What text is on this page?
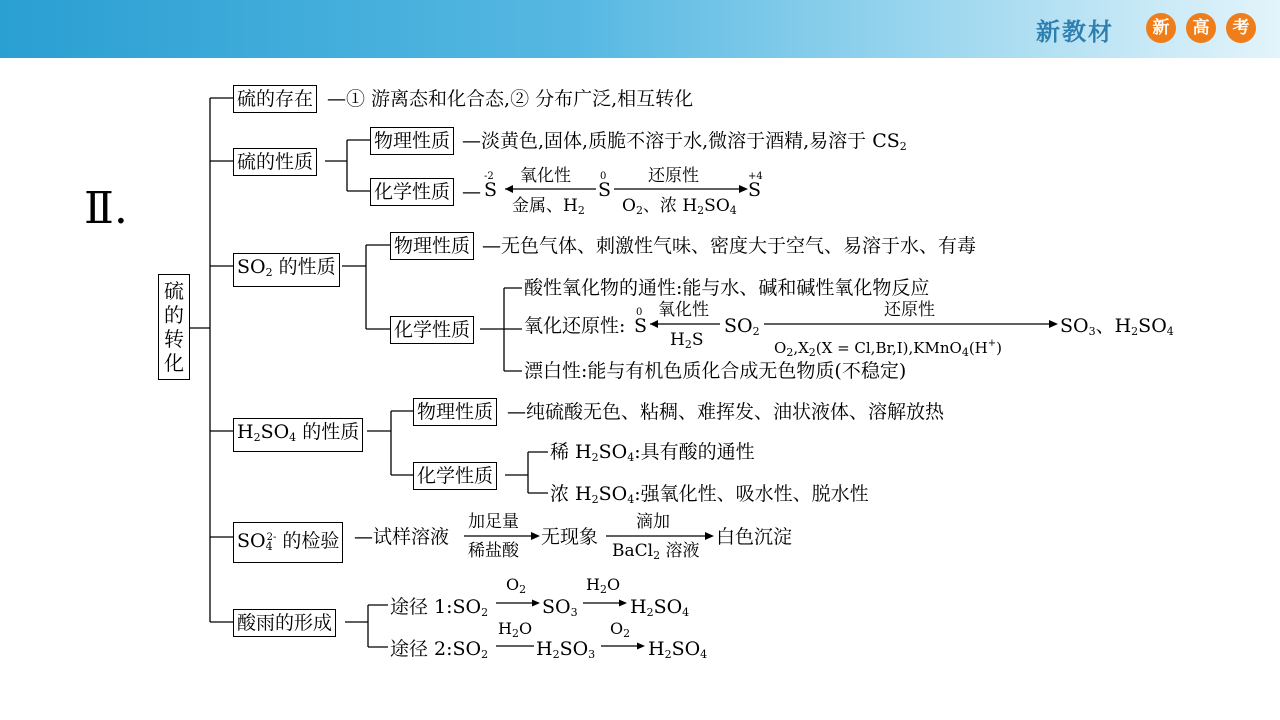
新教材	新	高	考
Ⅱ.
硫的转化
硫的存在 —① 游离态和化合态,② 分布广泛,相互转化
硫的性质
物理性质 —淡黄色,固体,质脆不溶于水,微溶于酒精,易溶于 $CS_2$
化学性质 — S
-2 氧化性
金属、$H_2$
S
0 还原性
$O_2$、浓 $H_2SO_4$
S
+4
$SO_2$ 的性质
物理性质 —无色气体、刺激性气味、密度大于空气、易溶于水、有毒
化学性质
酸性氧化物的通性:能与水、碱和碱性氧化物反应
氧化还原性: S
0 氧化性
$H_2S$
$SO_2$
还原性
$O_2,X_2(X$ = Cl,Br,I),KMnO$_4$(H+)
$SO_3$、$H_2SO_4$
漂白性:能与有机色质化合成无色物质(不稳定)
$H_2SO_4$ 的性质
物理性质 —纯硫酸无色、粘稠、难挥发、油状液体、溶解放热
化学性质
稀 $H_2SO_4$:具有酸的通性
浓 $H_2SO_4$:强氧化性、吸水性、脱水性
$SO_4^{2-}$ 的检验 —试样溶液
加足量
稀盐酸
无现象
滴加
BaCl$_2$ 溶液
白色沉淀
酸雨的形成
途径 $1:SO_2$
$O_2$
$SO_3$
$H_2O$
$H_2SO_4$
途径 $2:SO_2$
$H_2O$
$H_2SO_3$
$O_2$
$H_2SO_4$
